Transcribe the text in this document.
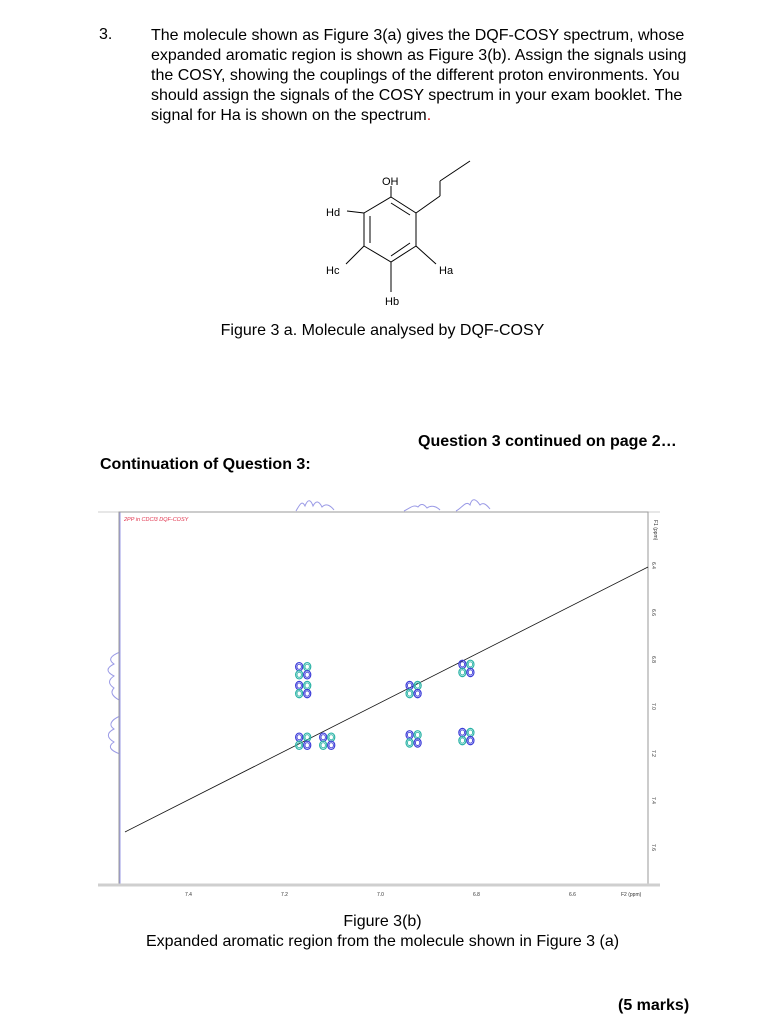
3. The molecule shown as Figure 3(a) gives the DQF-COSY spectrum, whose expanded aromatic region is shown as Figure 3(b). Assign the signals using the COSY, showing the couplings of the different proton environments. You should assign the signals of the COSY spectrum in your exam booklet. The signal for Ha is shown on the spectrum.
OH
Hd
Hc	Ha
Hb
Figure 3 a. Molecule analysed by DQF-COSY
Question 3 continued on page 2…
Continuation of Question 3:
2PP in CDCl3 DQF-COSY
7.4	7.2	7.0	6.8	6.6
6.4
6.6
6.8
7.0
7.2
7.4
7.6
F2 (ppm)
F1 (ppm)
Figure 3(b)
Expanded aromatic region from the molecule shown in Figure 3 (a)
(5 marks)
